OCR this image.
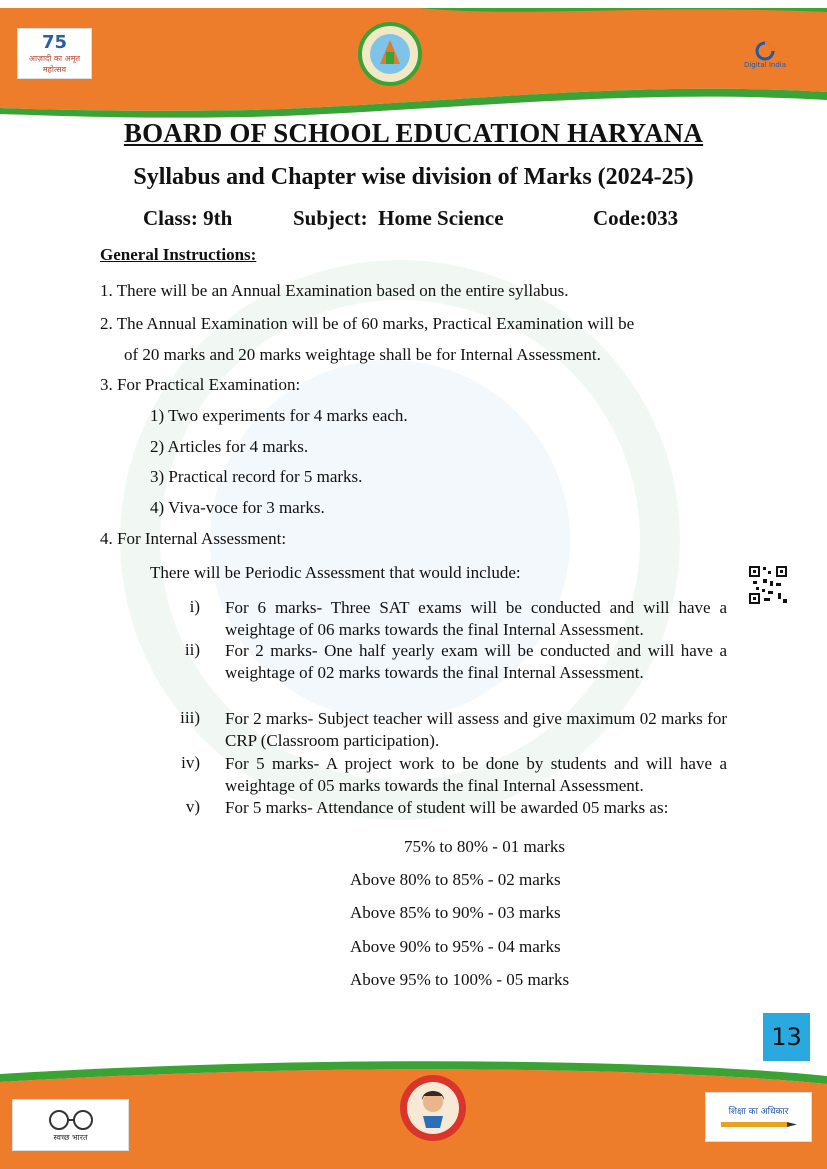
75
आज़ादी का अमृत महोत्सव	Digital India
BOARD OF SCHOOL EDUCATION HARYANA
Syllabus and Chapter wise division of Marks (2024-25)
Class: 9th	Subject:  Home Science	Code:033
General Instructions:
1. There will be an Annual Examination based on the entire syllabus.
2. The Annual Examination will be of 60 marks, Practical Examination will be
of 20 marks and 20 marks weightage shall be for Internal Assessment.
3. For Practical Examination:
1) Two experiments for 4 marks each.
2) Articles for 4 marks.
3) Practical record for 5 marks.
4) Viva-voce for 3 marks.
4. For Internal Assessment:
There will be Periodic Assessment that would include:
i) For 6 marks- Three SAT exams will be conducted and will have a weightage of 06 marks towards the final Internal Assessment.
ii) For 2 marks- One half yearly exam will be conducted and will have a weightage of 02 marks towards the final Internal Assessment.
iii) For 2 marks- Subject teacher will assess and give maximum 02 marks for CRP (Classroom participation).
iv) For 5 marks- A project work to be done by students and will have a weightage of 05 marks towards the final Internal Assessment.
v) For 5 marks- Attendance of student will be awarded 05 marks as:
75% to 80% - 01 marks
Above 80% to 85% - 02 marks
Above 85% to 90% - 03 marks
Above 90% to 95% - 04 marks
Above 95% to 100% - 05 marks
13
स्वच्छ भारत
शिक्षा का अधिकार
